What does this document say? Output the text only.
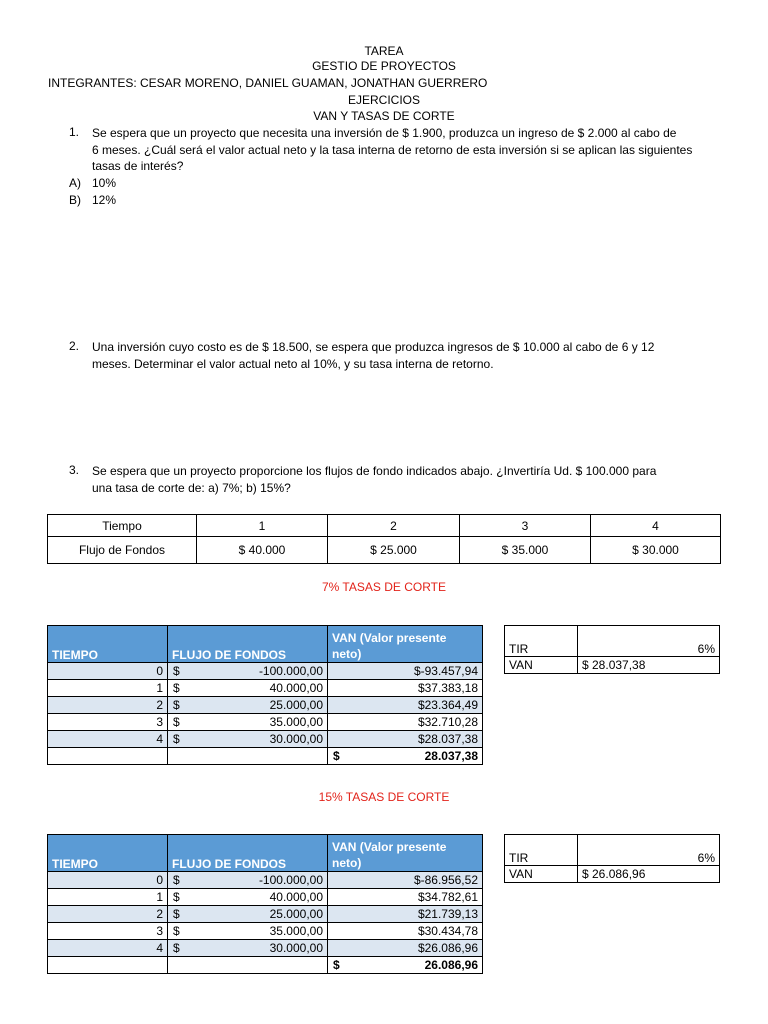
TAREA
GESTIO DE PROYECTOS
INTEGRANTES: CESAR MORENO, DANIEL GUAMAN, JONATHAN GUERRERO
EJERCICIOS
VAN Y TASAS DE CORTE
1. Se espera que un proyecto que necesita una inversión de $ 1.900, produzca un ingreso de $ 2.000 al cabo de
6 meses. ¿Cuál será el valor actual neto y la tasa interna de retorno de esta inversión si se aplican las siguientes
tasas de interés?
A) 10%
B) 12%
2. Una inversión cuyo costo es de $ 18.500, se espera que produzca ingresos de $ 10.000 al cabo de 6 y 12
meses. Determinar el valor actual neto al 10%, y su tasa interna de retorno.
3. Se espera que un proyecto proporcione los flujos de fondo indicados abajo. ¿Invertiría Ud. $ 100.000 para
una tasa de corte de: a) 7%; b) 15%?
Tiempo	1	2	3	4
Flujo de Fondos	$ 40.000	$ 25.000	$ 35.000	$ 30.000
7% TASAS DE CORTE
TIEMPO	FLUJO DE FONDOS	VAN (Valor presente
neto)

0	$ -100.000,00	$-93.457,94
1	$ 40.000,00	$37.383,18
2	$ 25.000,00	$23.364,49
3	$ 35.000,00	$32.710,28
4	$ 30.000,00	$28.037,38

		$ 28.037,38
TIR	6%
VAN	$ 28.037,38
15% TASAS DE CORTE
TIEMPO	FLUJO DE FONDOS	VAN (Valor presente
neto)

0	$ -100.000,00	$-86.956,52
1	$ 40.000,00	$34.782,61
2	$ 25.000,00	$21.739,13
3	$ 35.000,00	$30.434,78
4	$ 30.000,00	$26.086,96

		$ 26.086,96
TIR	6%
VAN	$ 26.086,96
